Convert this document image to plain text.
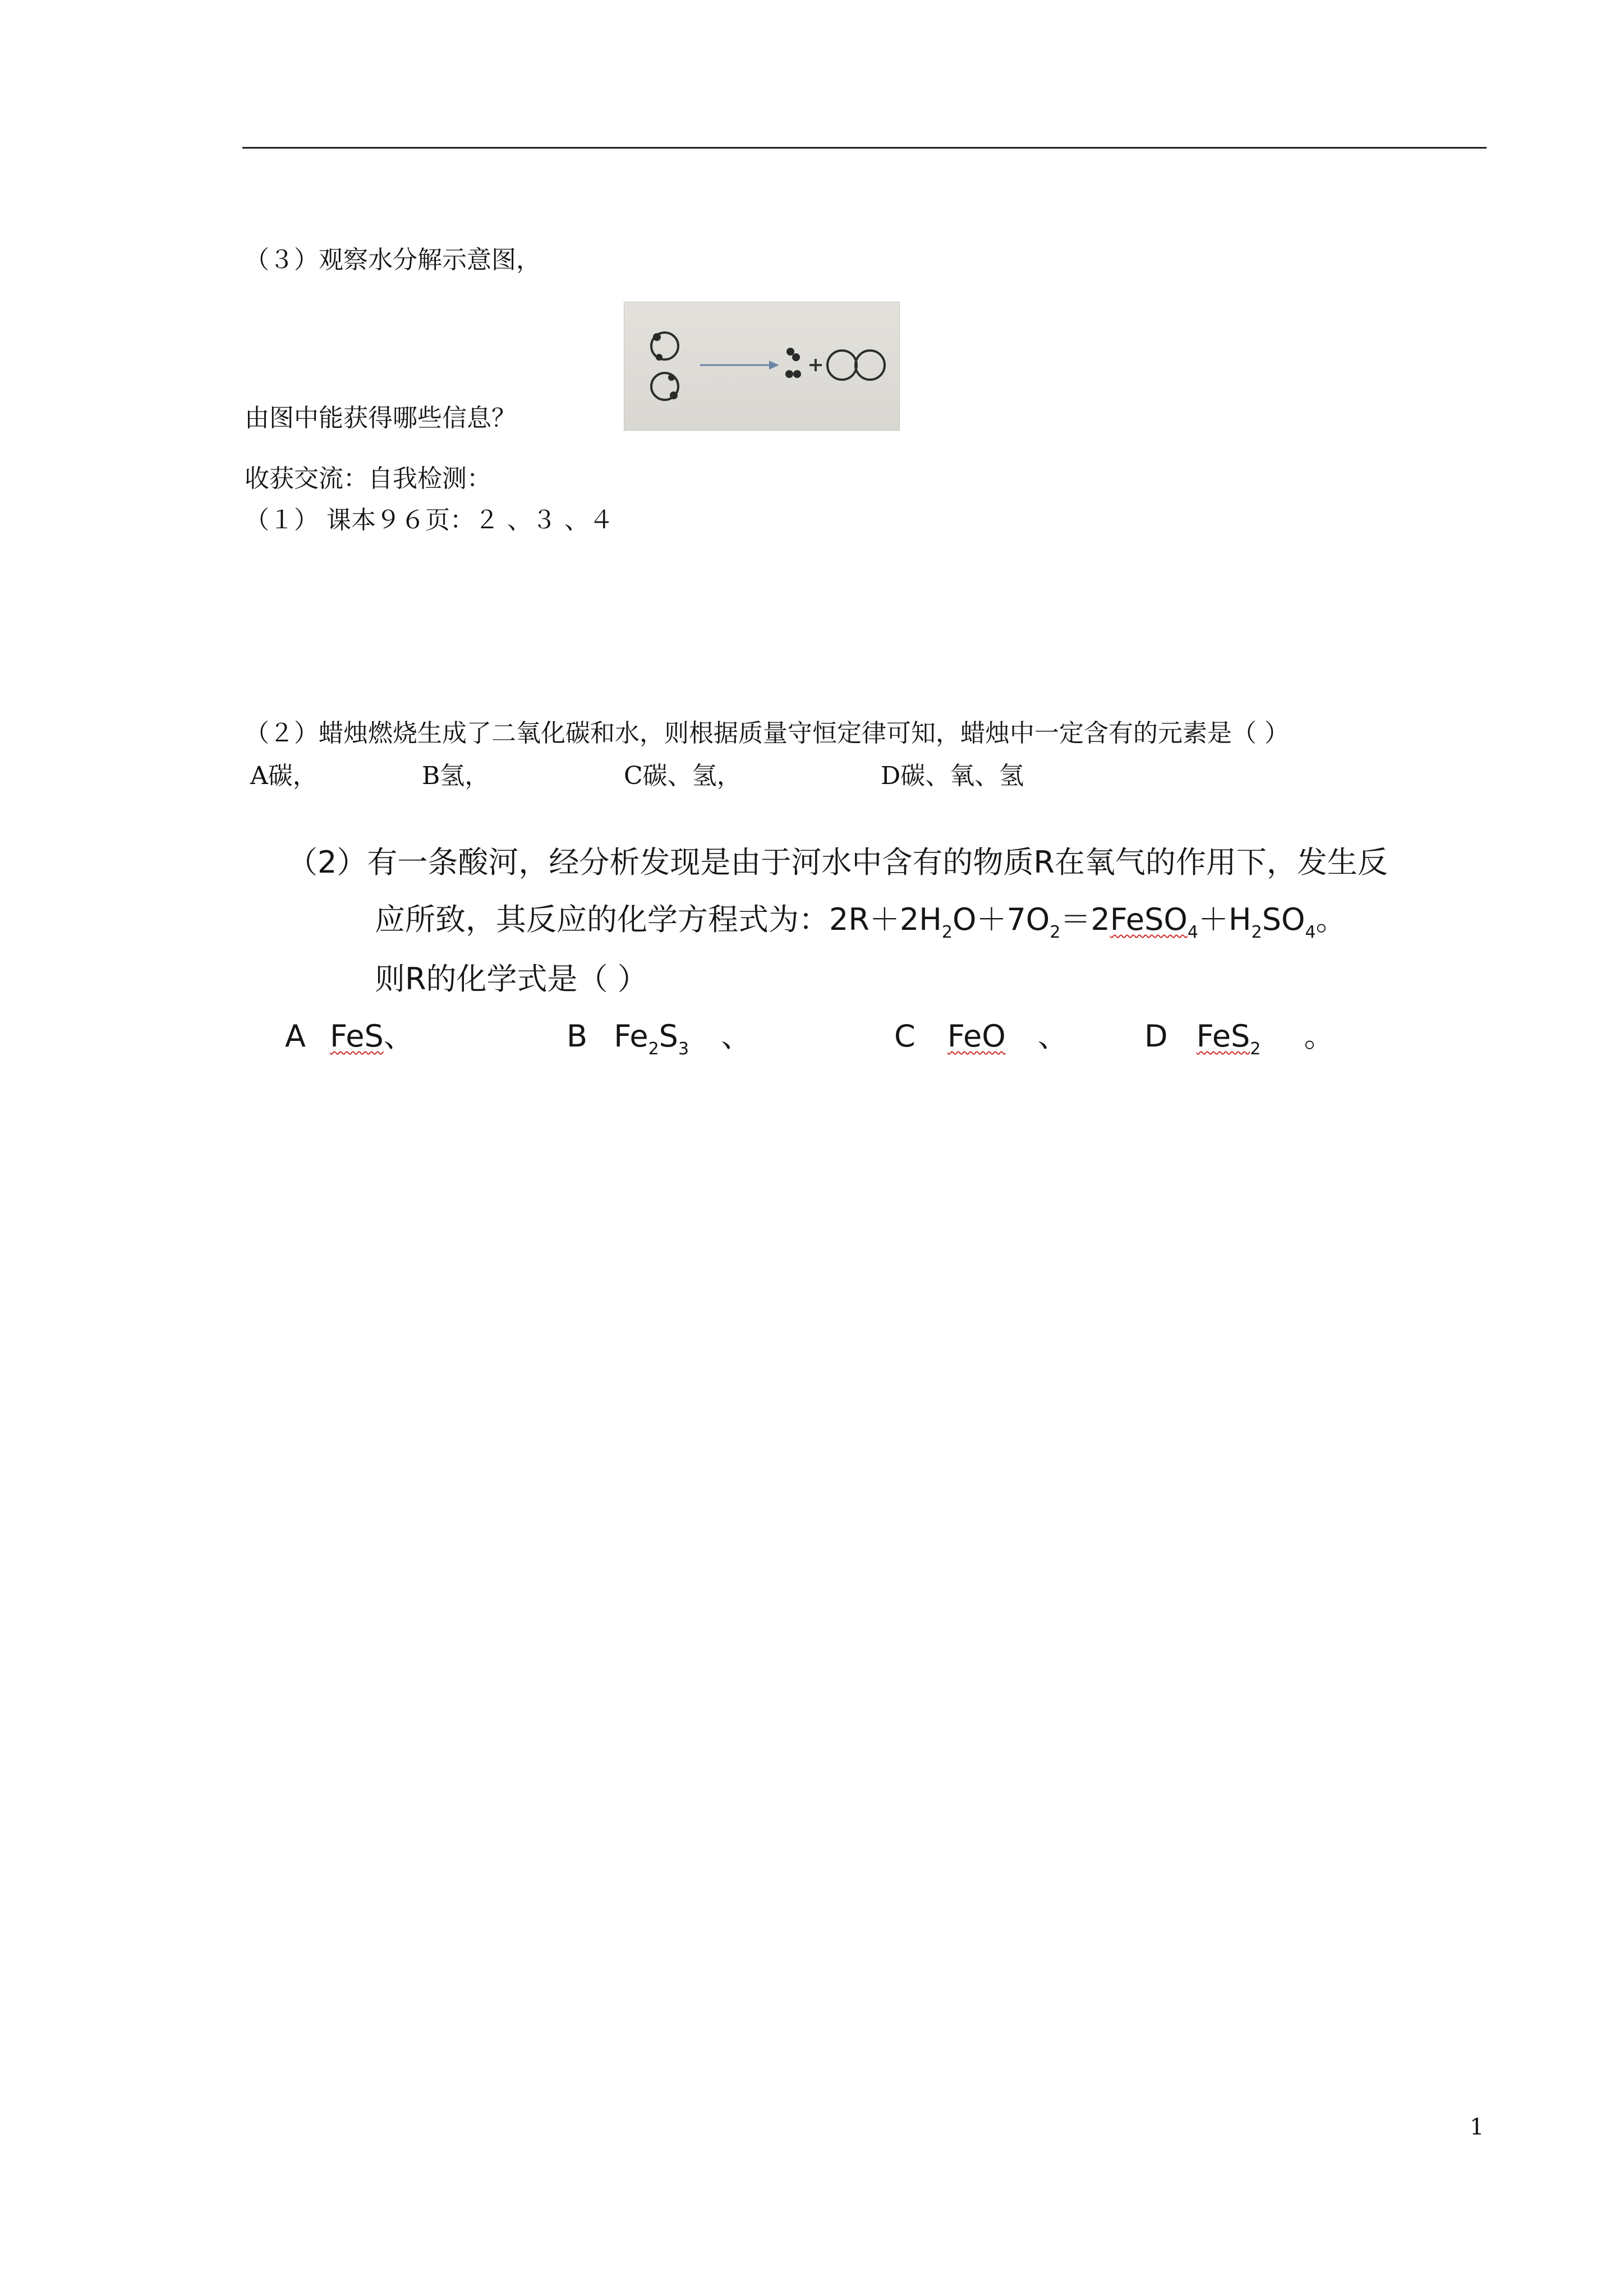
（３）观察水分解示意图，
由图中能获得哪些信息？
收获交流：自我检测：
（１） 课本９６页：２ 、３ 、４
（２）蜡烛燃烧生成了二氧化碳和水，则根据质量守恒定律可知，蜡烛中一定含有的元素是（ ）
A碳，	B氢，	C碳、氢，	D碳、氧、氢
（2）有一条酸河，经分析发现是由于河水中含有的物质R在氧气的作用下，发生反
应所致，其反应的化学方程式为：$2R+2H_2O+7O_2=2FeSO_4+H_2SO_4$。
则R的化学式是（ ）
A FeS、	B $Fe_2S_3$ 、	C FeO 、	D FeS$_2$ 。
1
